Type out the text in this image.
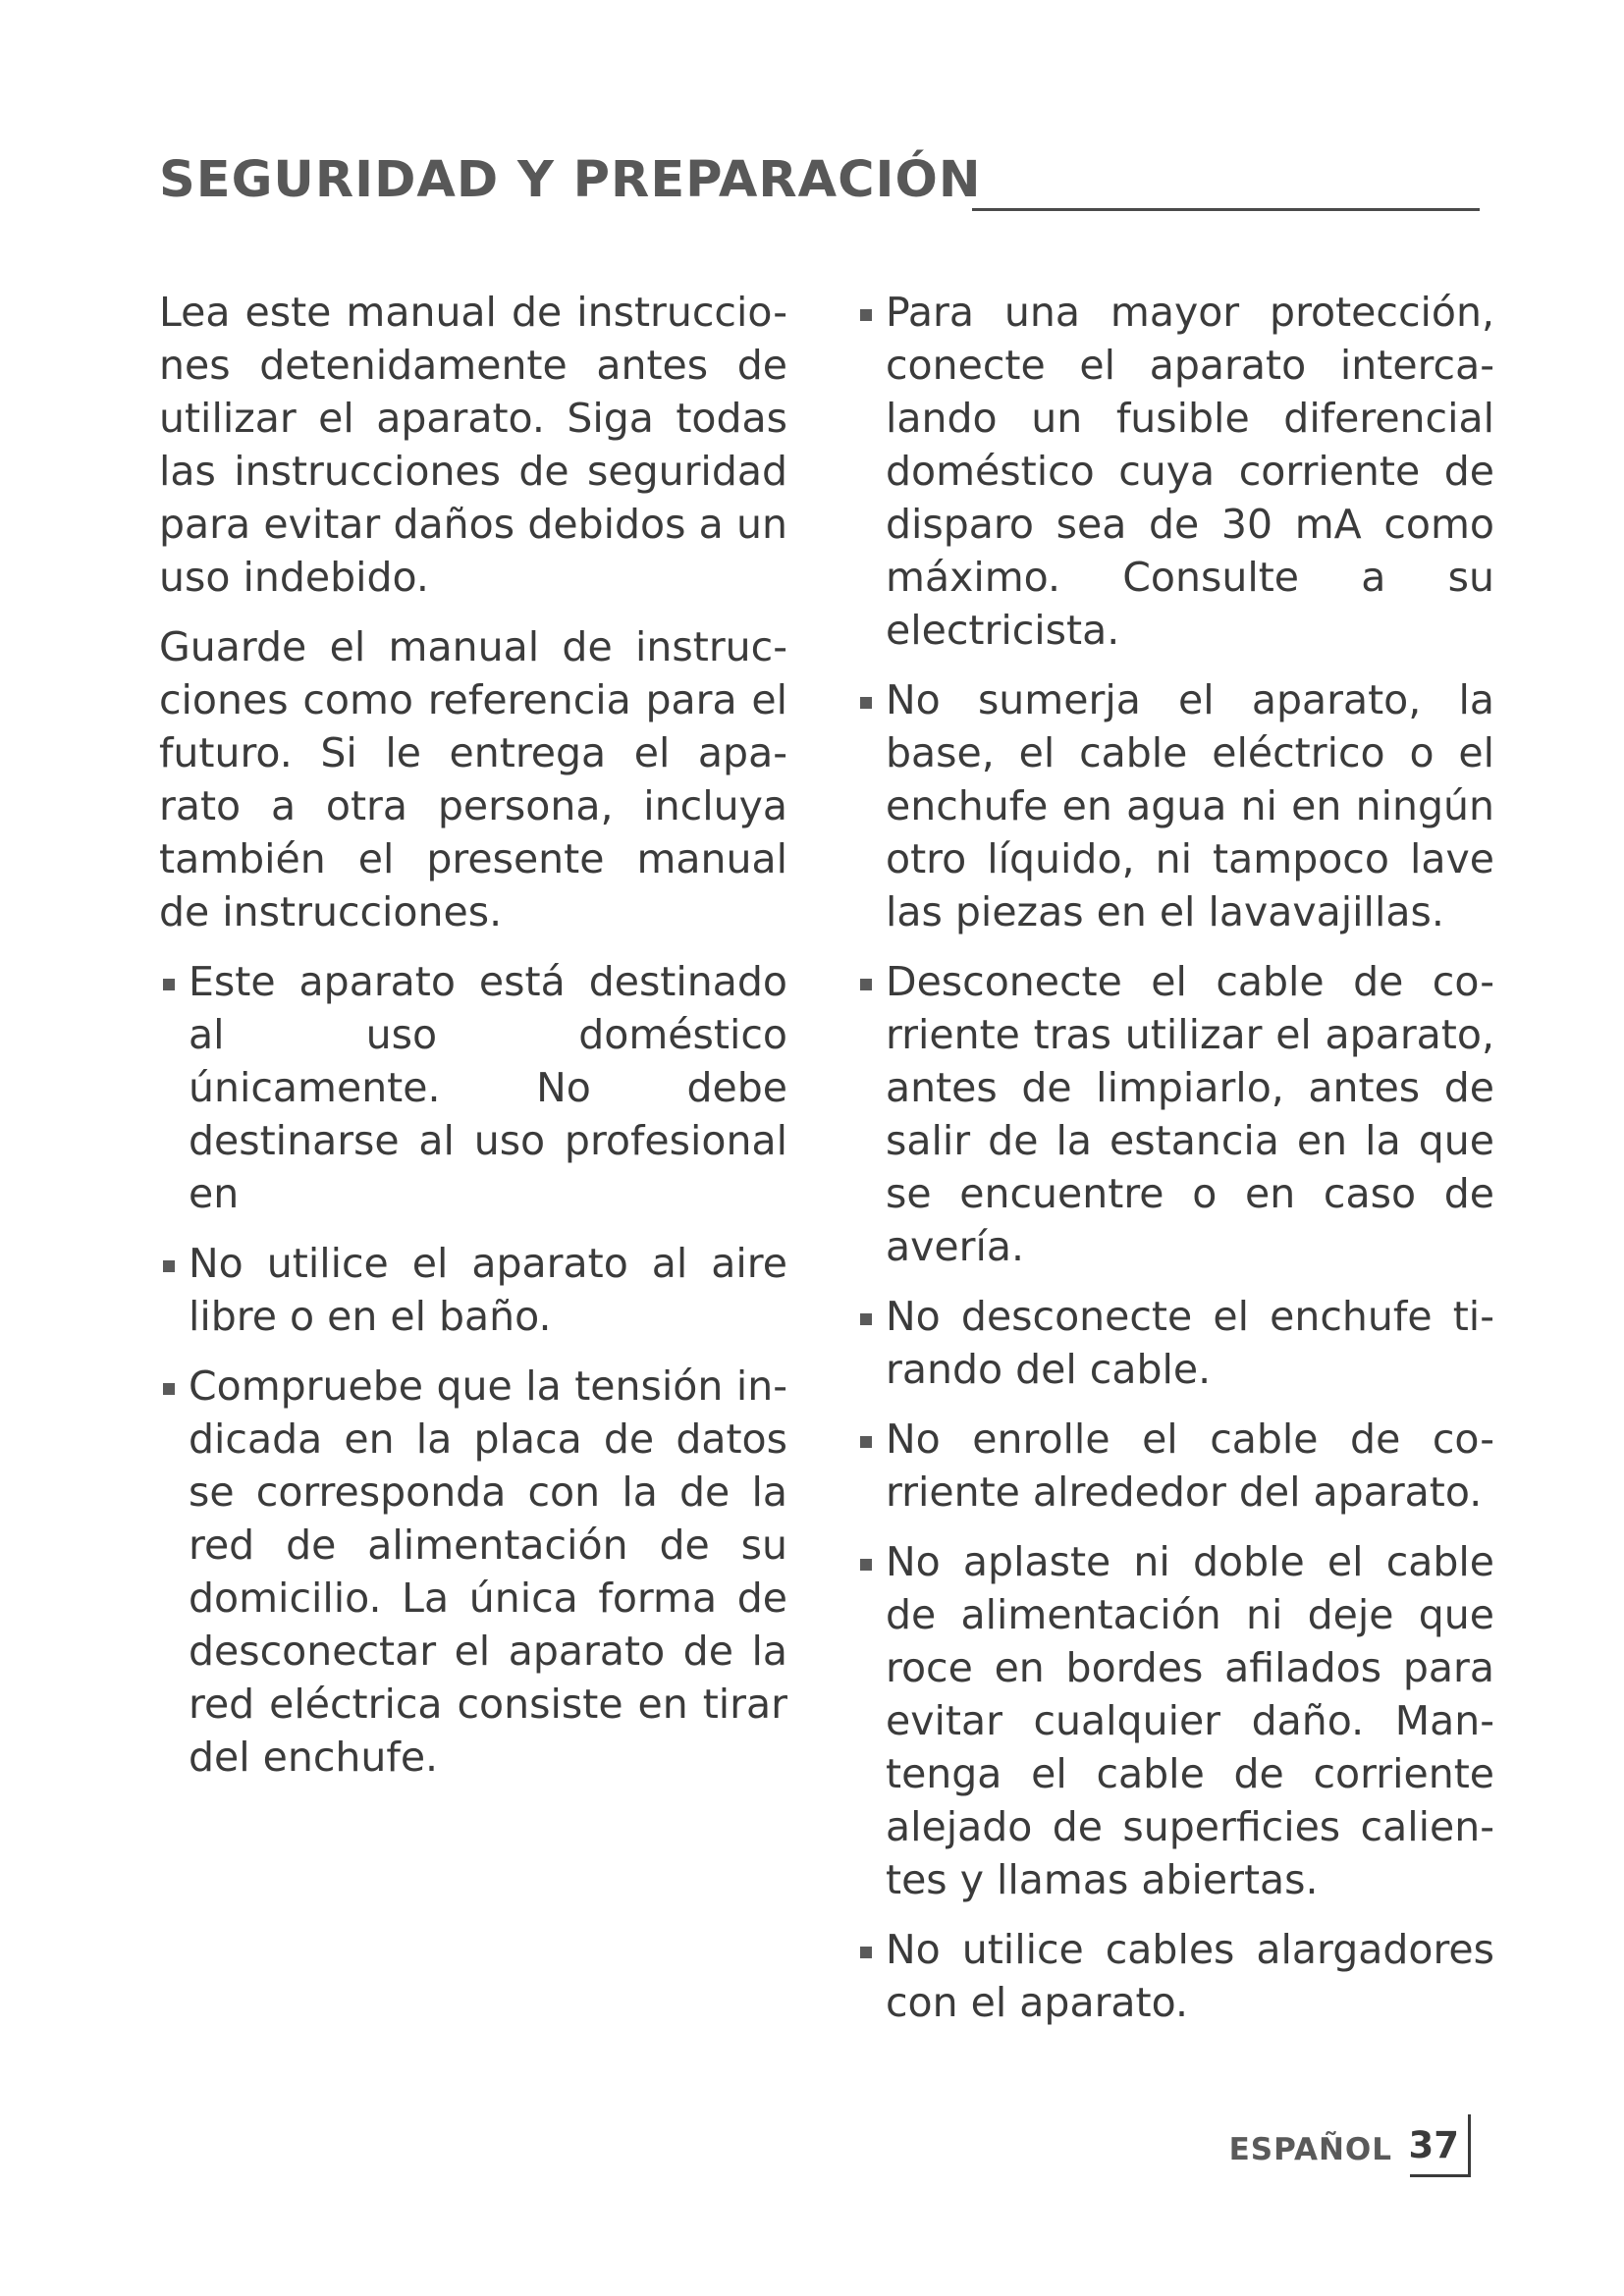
SEGURIDAD Y PREPARACIÓN

Lea este manual de instruccio-nes detenidamente antes de utilizar el aparato. Siga todas las instrucciones de seguridad para evitar daños debidos a un uso indebido.

Guarde el manual de instruc-ciones como referencia para el futuro. Si le entrega el apa-rato a otra persona, incluya también el presente manual de instrucciones.

Este aparato está destinado al uso doméstico únicamente. No debe destinarse al uso profesional en
No utilice el aparato al aire libre o en el baño.
Compruebe que la tensión in-dicada en la placa de datos se corresponda con la de la red de alimentación de su domicilio. La única forma de desconectar el aparato de la red eléctrica consiste en tirar del enchufe.
Para una mayor protección, conecte el aparato interca-lando un fusible diferencial doméstico cuya corriente de disparo sea de 30 mA como máximo. Consulte a su electricista.
No sumerja el aparato, la base, el cable eléctrico o el enchufe en agua ni en ningún otro líquido, ni tampoco lave las piezas en el lavavajillas.
Desconecte el cable de co-rriente tras utilizar el aparato, antes de limpiarlo, antes de salir de la estancia en la que se encuentre o en caso de avería.
No desconecte el enchufe ti-rando del cable.
No enrolle el cable de co-rriente alrededor del aparato.
No aplaste ni doble el cable de alimentación ni deje que roce en bordes afilados para evitar cualquier daño. Man-tenga el cable de corriente alejado de superficies calien-tes y llamas abiertas.
No utilice cables alargadores con el aparato.
ESPAÑOL 37
